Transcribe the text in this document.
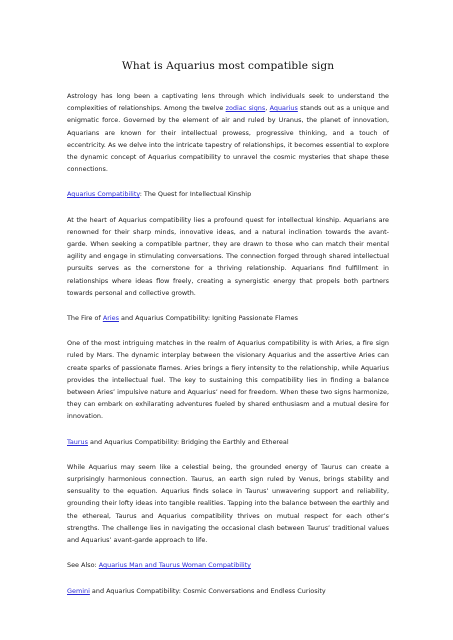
What is Aquarius most compatible sign

Astrology has long been a captivating lens through which individuals seek to understand the complexities of relationships. Among the twelve zodiac signs, Aquarius stands out as a unique and enigmatic force. Governed by the element of air and ruled by Uranus, the planet of innovation, Aquarians are known for their intellectual prowess, progressive thinking, and a touch of eccentricity. As we delve into the intricate tapestry of relationships, it becomes essential to explore the dynamic concept of Aquarius compatibility to unravel the cosmic mysteries that shape these connections.

Aquarius Compatibility: The Quest for Intellectual Kinship

At the heart of Aquarius compatibility lies a profound quest for intellectual kinship. Aquarians are renowned for their sharp minds, innovative ideas, and a natural inclination towards the avant-garde. When seeking a compatible partner, they are drawn to those who can match their mental agility and engage in stimulating conversations. The connection forged through shared intellectual pursuits serves as the cornerstone for a thriving relationship. Aquarians find fulfillment in relationships where ideas flow freely, creating a synergistic energy that propels both partners towards personal and collective growth.

The Fire of Aries and Aquarius Compatibility: Igniting Passionate Flames

One of the most intriguing matches in the realm of Aquarius compatibility is with Aries, a fire sign ruled by Mars. The dynamic interplay between the visionary Aquarius and the assertive Aries can create sparks of passionate flames. Aries brings a fiery intensity to the relationship, while Aquarius provides the intellectual fuel. The key to sustaining this compatibility lies in finding a balance between Aries’ impulsive nature and Aquarius’ need for freedom. When these two signs harmonize, they can embark on exhilarating adventures fueled by shared enthusiasm and a mutual desire for innovation.

Taurus and Aquarius Compatibility: Bridging the Earthly and Ethereal

While Aquarius may seem like a celestial being, the grounded energy of Taurus can create a surprisingly harmonious connection. Taurus, an earth sign ruled by Venus, brings stability and sensuality to the equation. Aquarius finds solace in Taurus’ unwavering support and reliability, grounding their lofty ideas into tangible realities. Tapping into the balance between the earthly and the ethereal, Taurus and Aquarius compatibility thrives on mutual respect for each other’s strengths. The challenge lies in navigating the occasional clash between Taurus’ traditional values and Aquarius’ avant-garde approach to life.

See Also: Aquarius Man and Taurus Woman Compatibility

Gemini and Aquarius Compatibility: Cosmic Conversations and Endless Curiosity
